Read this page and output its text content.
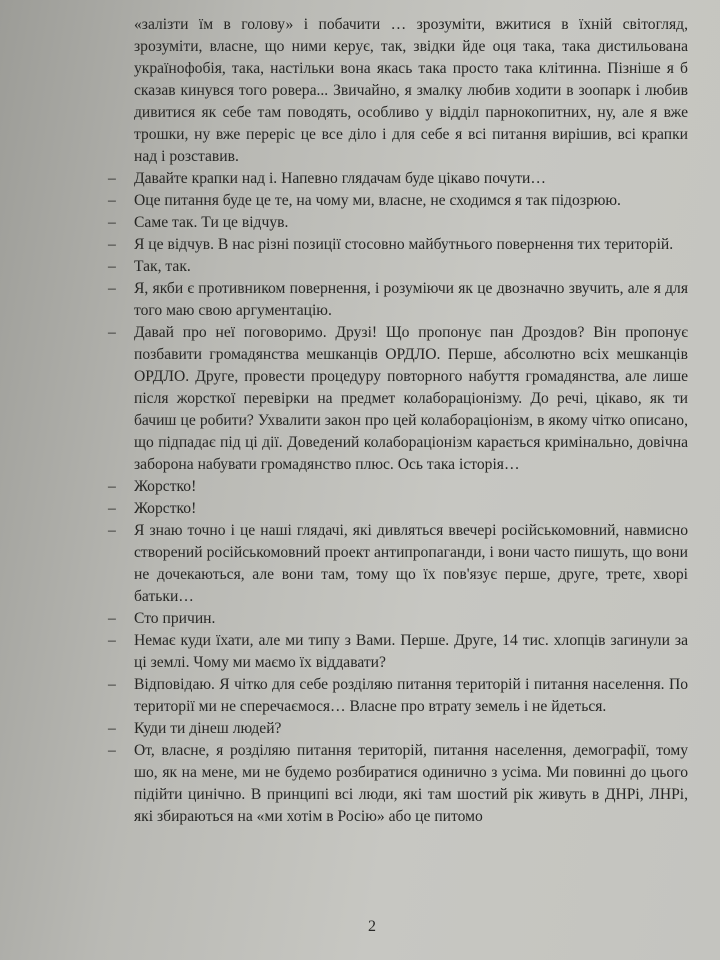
«залізти їм в голову» і побачити … зрозуміти, вжитися в їхній світогляд, зрозуміти, власне, що ними керує, так, звідки йде оця така, така дистильована українофобія, така, настільки вона якась така просто така клітинна. Пізніше я б сказав кинувся того ровера... Звичайно, я змалку любив ходити в зоопарк і любив дивитися як себе там поводять, особливо у відділ парнокопитних, ну, але я вже трошки, ну вже переріс це все діло і для себе я всі питання вирішив, всі крапки над і розставив.

–	Давайте крапки над і. Напевно глядачам буде цікаво почути…

–	Оце питання буде це те, на чому ми, власне, не сходимся я так підозрюю.

–	Саме так. Ти це відчув.

–	Я це відчув. В нас різні позиції стосовно майбутнього повернення тих територій.

–	Так, так.

–	Я, якби є противником повернення, і розуміючи як це двозначно звучить, але я для того маю свою аргументацію.

–	Давай про неї поговоримо. Друзі! Що пропонує пан Дроздов? Він пропонує позбавити громадянства мешканців ОРДЛО. Перше, абсолютно всіх мешканців ОРДЛО. Друге, провести процедуру повторного набуття громадянства, але лише після жорсткої перевірки на предмет колабораціонізму. До речі, цікаво, як ти бачиш це робити? Ухвалити закон про цей колабораціонізм, в якому чітко описано, що підпадає під ці дії. Доведений колабораціонізм карається кримінально, довічна заборона набувати громадянство плюс. Ось така історія…

–	Жорстко!

–	Жорстко!

–	Я знаю точно і це наші глядачі, які дивляться ввечері російськомовний, навмисно створений російськомовний проект антипропаганди, і вони часто пишуть, що вони не дочекаються, але вони там, тому що їх пов'язує перше, друге, третє, хворі батьки…

–	Сто причин.

–	Немає куди їхати, але ми типу з Вами. Перше. Друге, 14 тис. хлопців загинули за ці землі. Чому ми маємо їх віддавати?

–	Відповідаю. Я чітко для себе розділяю питання територій і питання населення. По території ми не сперечаємося… Власне про втрату земель і не йдеться.

–	Куди ти дінеш людей?

–	От, власне, я розділяю питання територій, питання населення, демографії, тому шо, як на мене, ми не будемо розбиратися одинично з усіма. Ми повинні до цього підійти цинічно. В принципі всі люди, які там шостий рік живуть в ДНРі, ЛНРі, які збираються на «ми хотім в Росію» або це питомо

2
